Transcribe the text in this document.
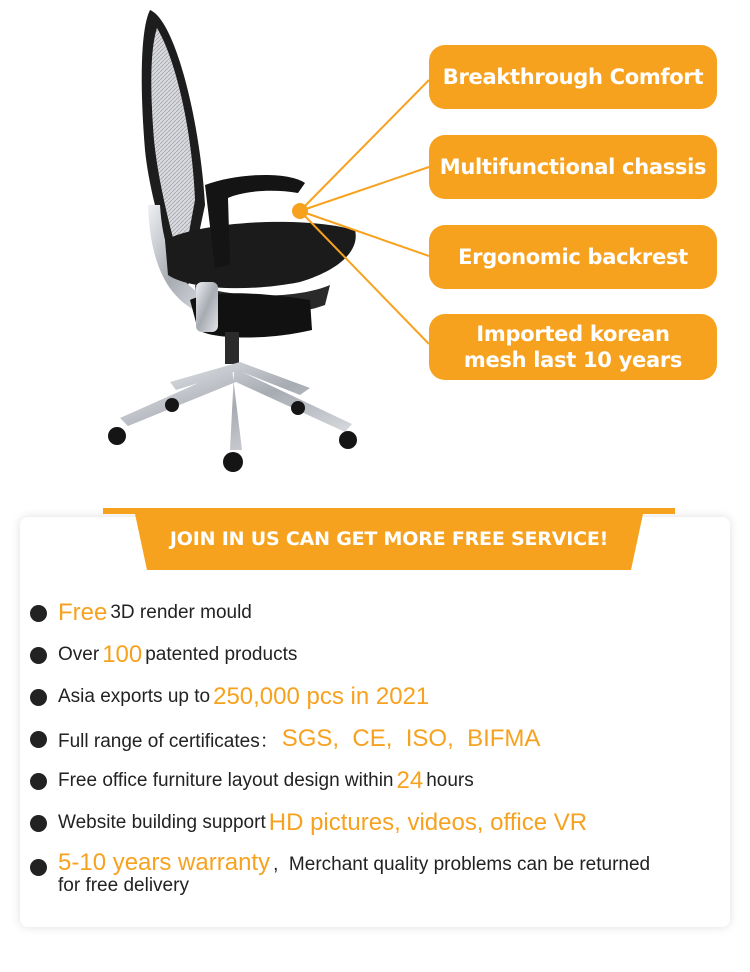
Breakthrough Comfort
Multifunctional chassis
Ergonomic backrest
Imported korean mesh last 10 years
JOIN IN US CAN GET MORE FREE SERVICE!
Free 3D render mould
Over 100 patented products
Asia exports up to 250,000 pcs in 2021
Full range of certificates： SGS,  CE,  ISO,  BIFMA
Free office furniture layout design within 24 hours
Website building support HD pictures, videos, office VR
5-10 years warranty ,  Merchant quality problems can be returned for free delivery
